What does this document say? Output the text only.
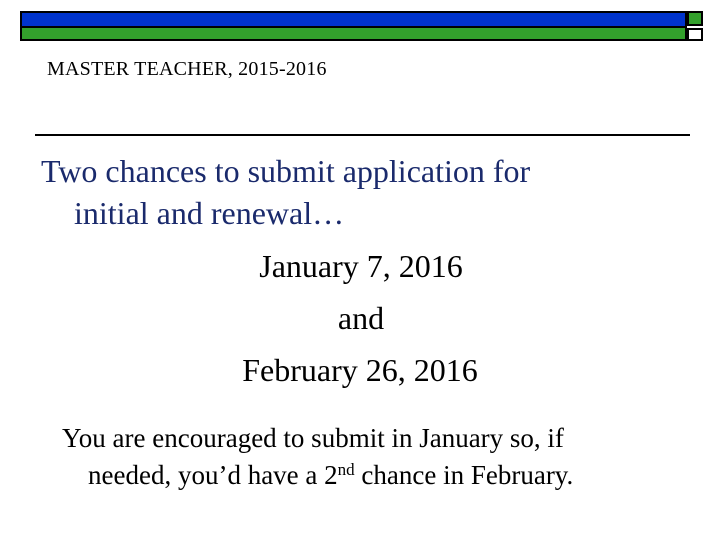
MASTER TEACHER, 2015-2016
Two chances to submit application for
initial and renewal…
January 7, 2016
and
February 26, 2016
You are encouraged to submit in January so, if
needed, you’d have a 2nd chance in February.
